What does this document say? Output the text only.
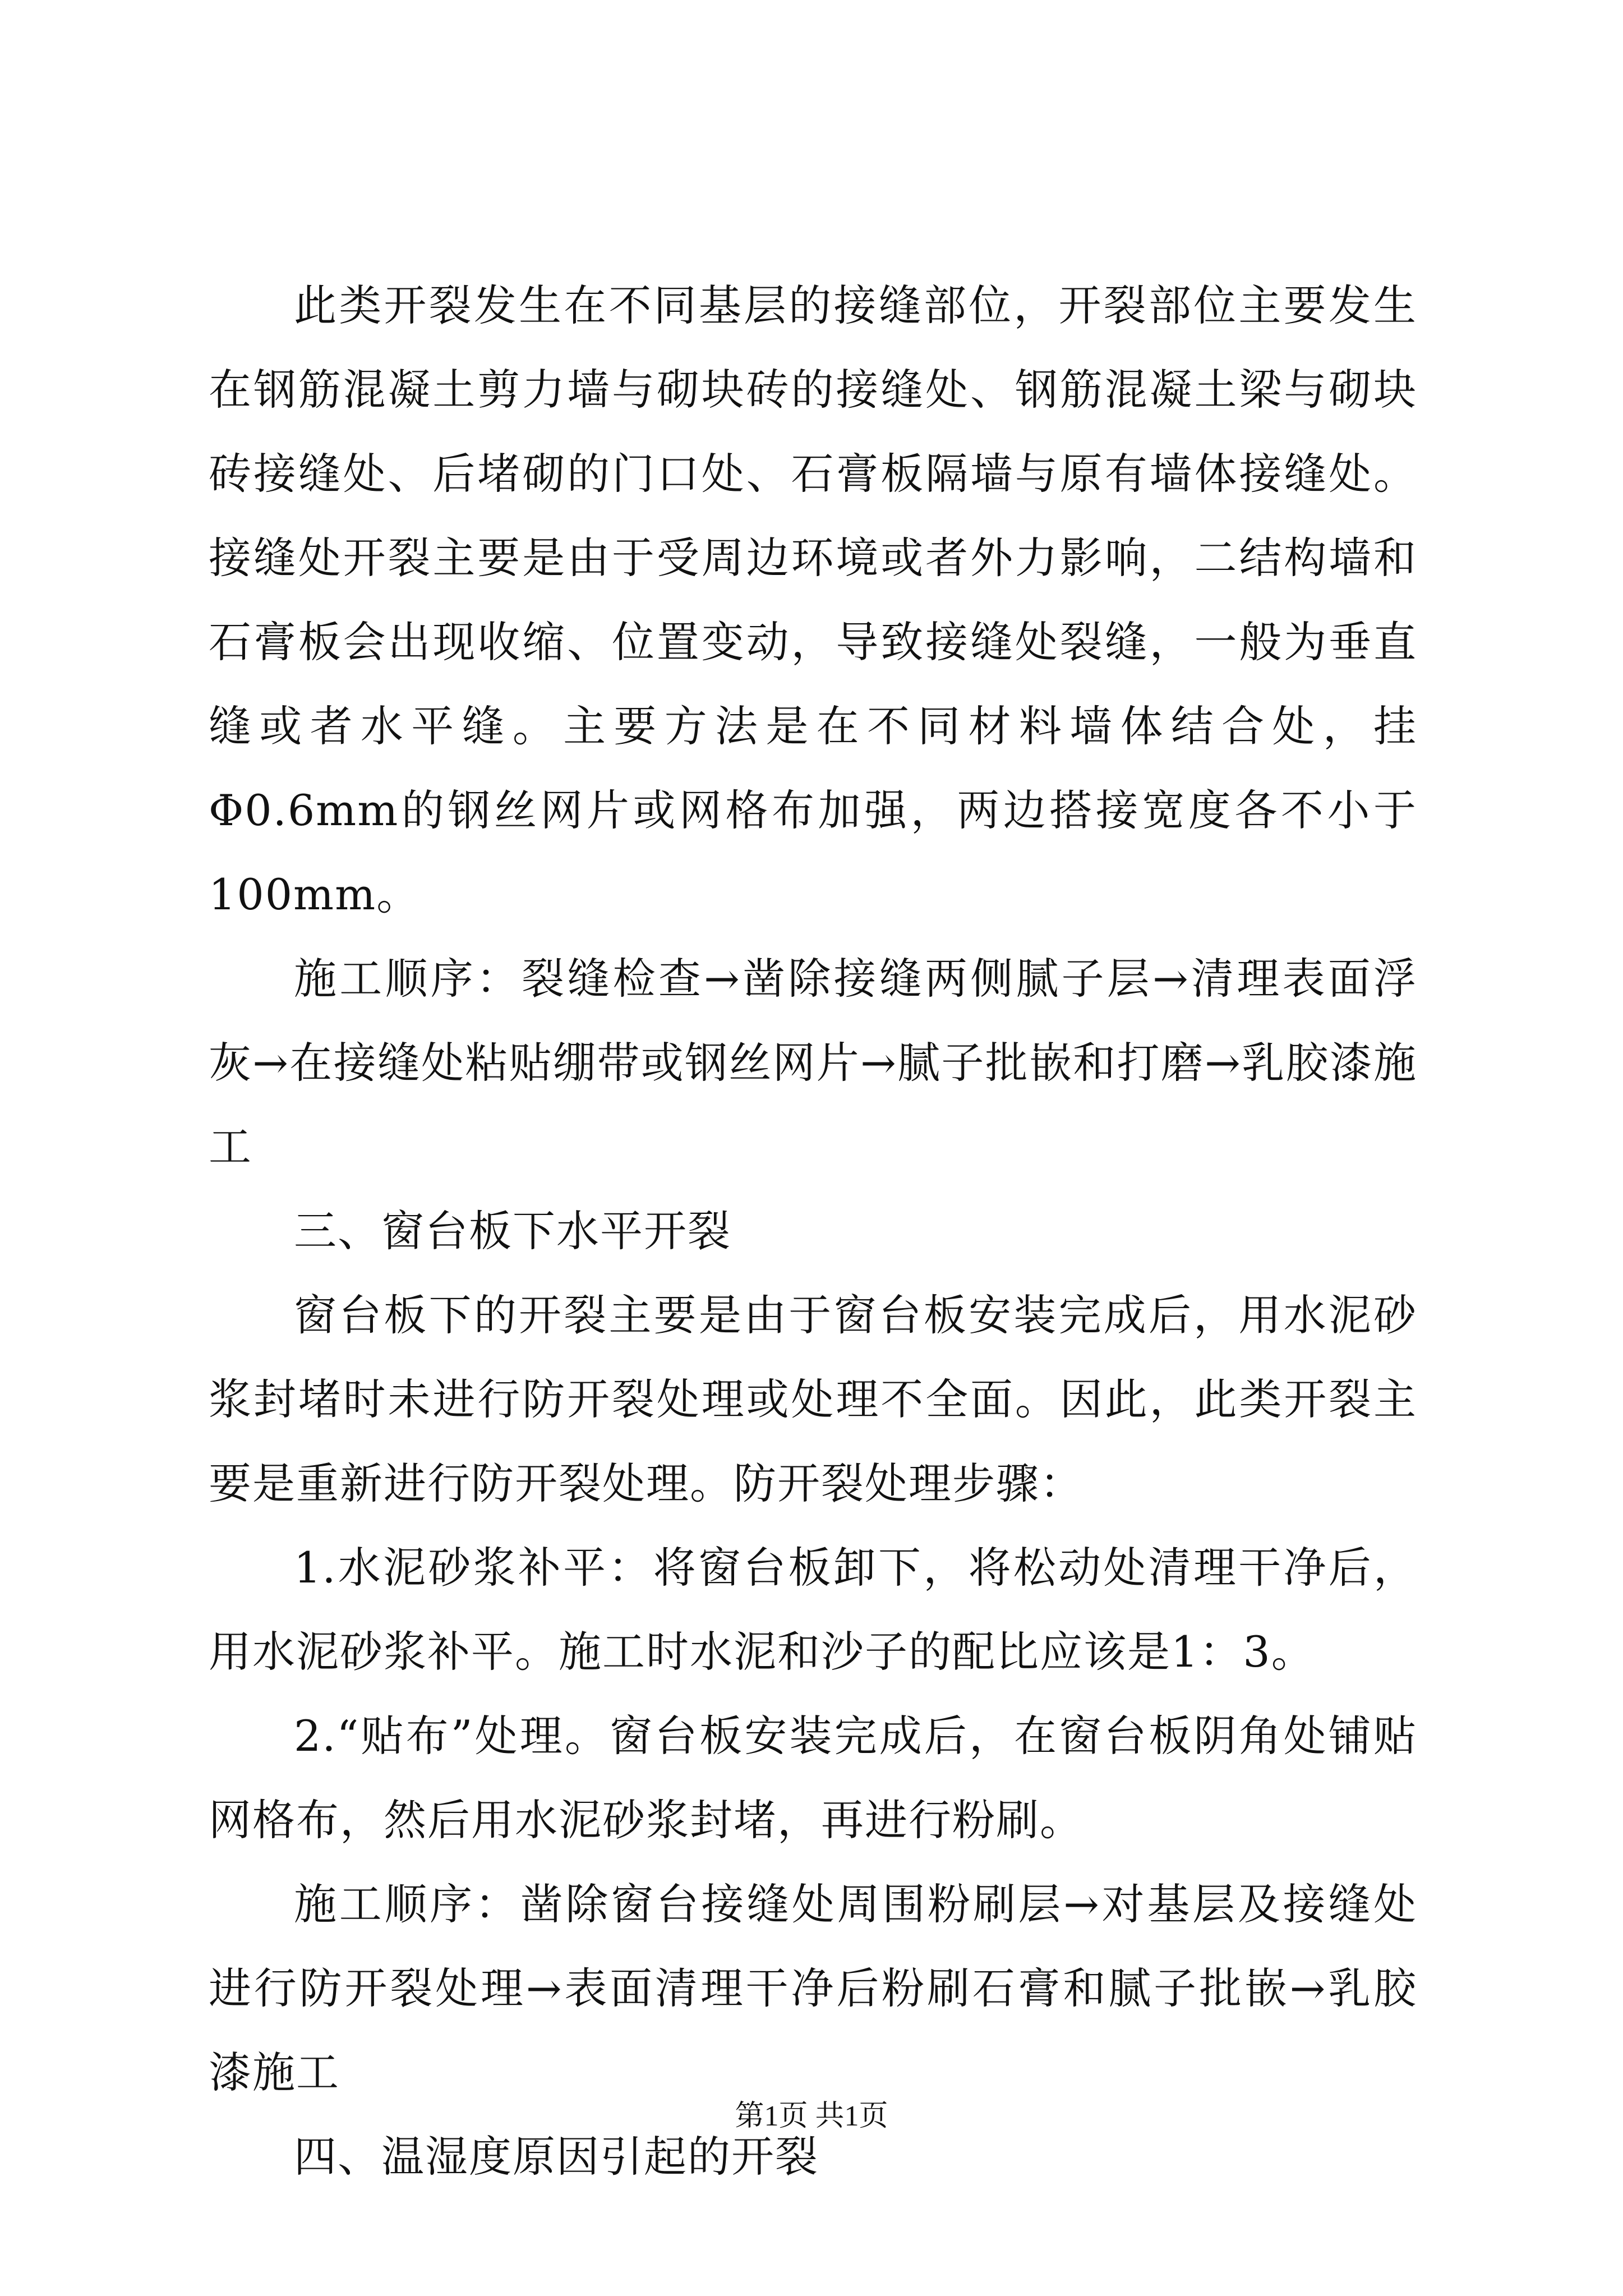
此类开裂发生在不同基层的接缝部位，开裂部位主要发生在钢筋混凝土剪力墙与砌块砖的接缝处、钢筋混凝土梁与砌块砖接缝处、后堵砌的门口处、石膏板隔墙与原有墙体接缝处。接缝处开裂主要是由于受周边环境或者外力影响，二结构墙和石膏板会出现收缩、位置变动，导致接缝处裂缝，一般为垂直缝或者水平缝。主要方法是在不同材料墙体结合处，挂Φ0.6mm的钢丝网片或网格布加强，两边搭接宽度各不小于100mm。

施工顺序：裂缝检查→凿除接缝两侧腻子层→清理表面浮灰→在接缝处粘贴绷带或钢丝网片→腻子批嵌和打磨→乳胶漆施工

三、窗台板下水平开裂

窗台板下的开裂主要是由于窗台板安装完成后，用水泥砂浆封堵时未进行防开裂处理或处理不全面。因此，此类开裂主要是重新进行防开裂处理。防开裂处理步骤：

1.水泥砂浆补平：将窗台板卸下，将松动处清理干净后，用水泥砂浆补平。施工时水泥和沙子的配比应该是1：3。

2.“贴布”处理。窗台板安装完成后，在窗台板阴角处铺贴网格布，然后用水泥砂浆封堵，再进行粉刷。

施工顺序：凿除窗台接缝处周围粉刷层→对基层及接缝处进行防开裂处理→表面清理干净后粉刷石膏和腻子批嵌→乳胶漆施工

四、温湿度原因引起的开裂

第1页 共1页
